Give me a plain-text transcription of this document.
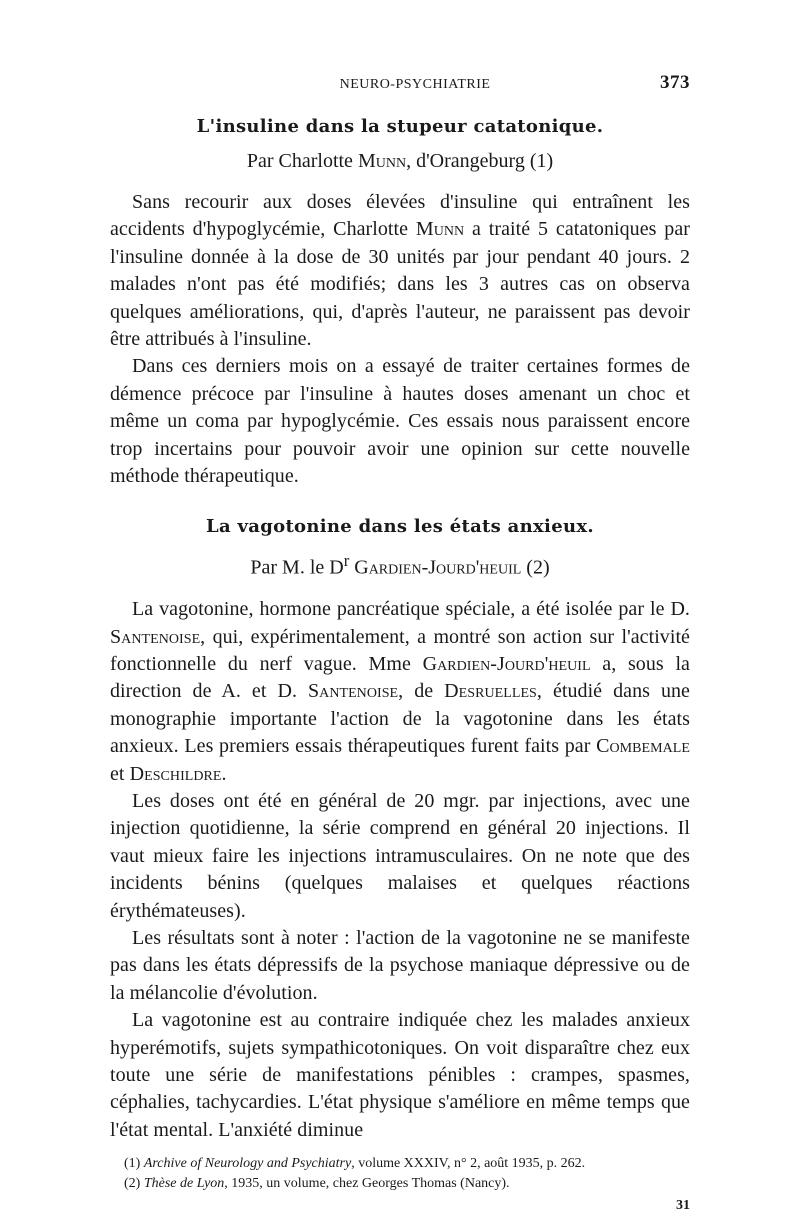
NEURO-PSYCHIATRIE	373
L'insuline dans la stupeur catatonique.
Par Charlotte Munn, d'Orangeburg (1)

Sans recourir aux doses élevées d'insuline qui entraînent les accidents d'hypoglycémie, Charlotte Munn a traité 5 catatoniques par l'insuline donnée à la dose de 30 unités par jour pendant 40 jours. 2 malades n'ont pas été modifiés; dans les 3 autres cas on observa quelques améliorations, qui, d'après l'auteur, ne paraissent pas devoir être attribués à l'insuline.

Dans ces derniers mois on a essayé de traiter certaines formes de démence précoce par l'insuline à hautes doses amenant un choc et même un coma par hypoglycémie. Ces essais nous paraissent encore trop incertains pour pouvoir avoir une opinion sur cette nouvelle méthode thérapeutique.

La vagotonine dans les états anxieux.
Par M. le $D^r$ Gardien-Jourd'heuil (2)

La vagotonine, hormone pancréatique spéciale, a été isolée par le D. Santenoise, qui, expérimentalement, a montré son action sur l'activité fonctionnelle du nerf vague. Mme Gardien-Jourd'heuil a, sous la direction de A. et D. Santenoise, de Desruelles, étudié dans une monographie importante l'action de la vagotonine dans les états anxieux. Les premiers essais thérapeutiques furent faits par Combemale et Deschildre.

Les doses ont été en général de 20 mgr. par injections, avec une injection quotidienne, la série comprend en général 20 injections. Il vaut mieux faire les injections intramusculaires. On ne note que des incidents bénins (quelques malaises et quelques réactions érythémateuses).

Les résultats sont à noter : l'action de la vagotonine ne se manifeste pas dans les états dépressifs de la psychose maniaque dépressive ou de la mélancolie d'évolution.

La vagotonine est au contraire indiquée chez les malades anxieux hyperémotifs, sujets sympathicotoniques. On voit disparaître chez eux toute une série de manifestations pénibles : crampes, spasmes, céphalies, tachycardies. L'état physique s'améliore en même temps que l'état mental. L'anxiété diminue

(1) Archive of Neurology and Psychiatry, volume XXXIV, n° 2, août 1935, p. 262.
(2) Thèse de Lyon, 1935, un volume, chez Georges Thomas (Nancy).
31
